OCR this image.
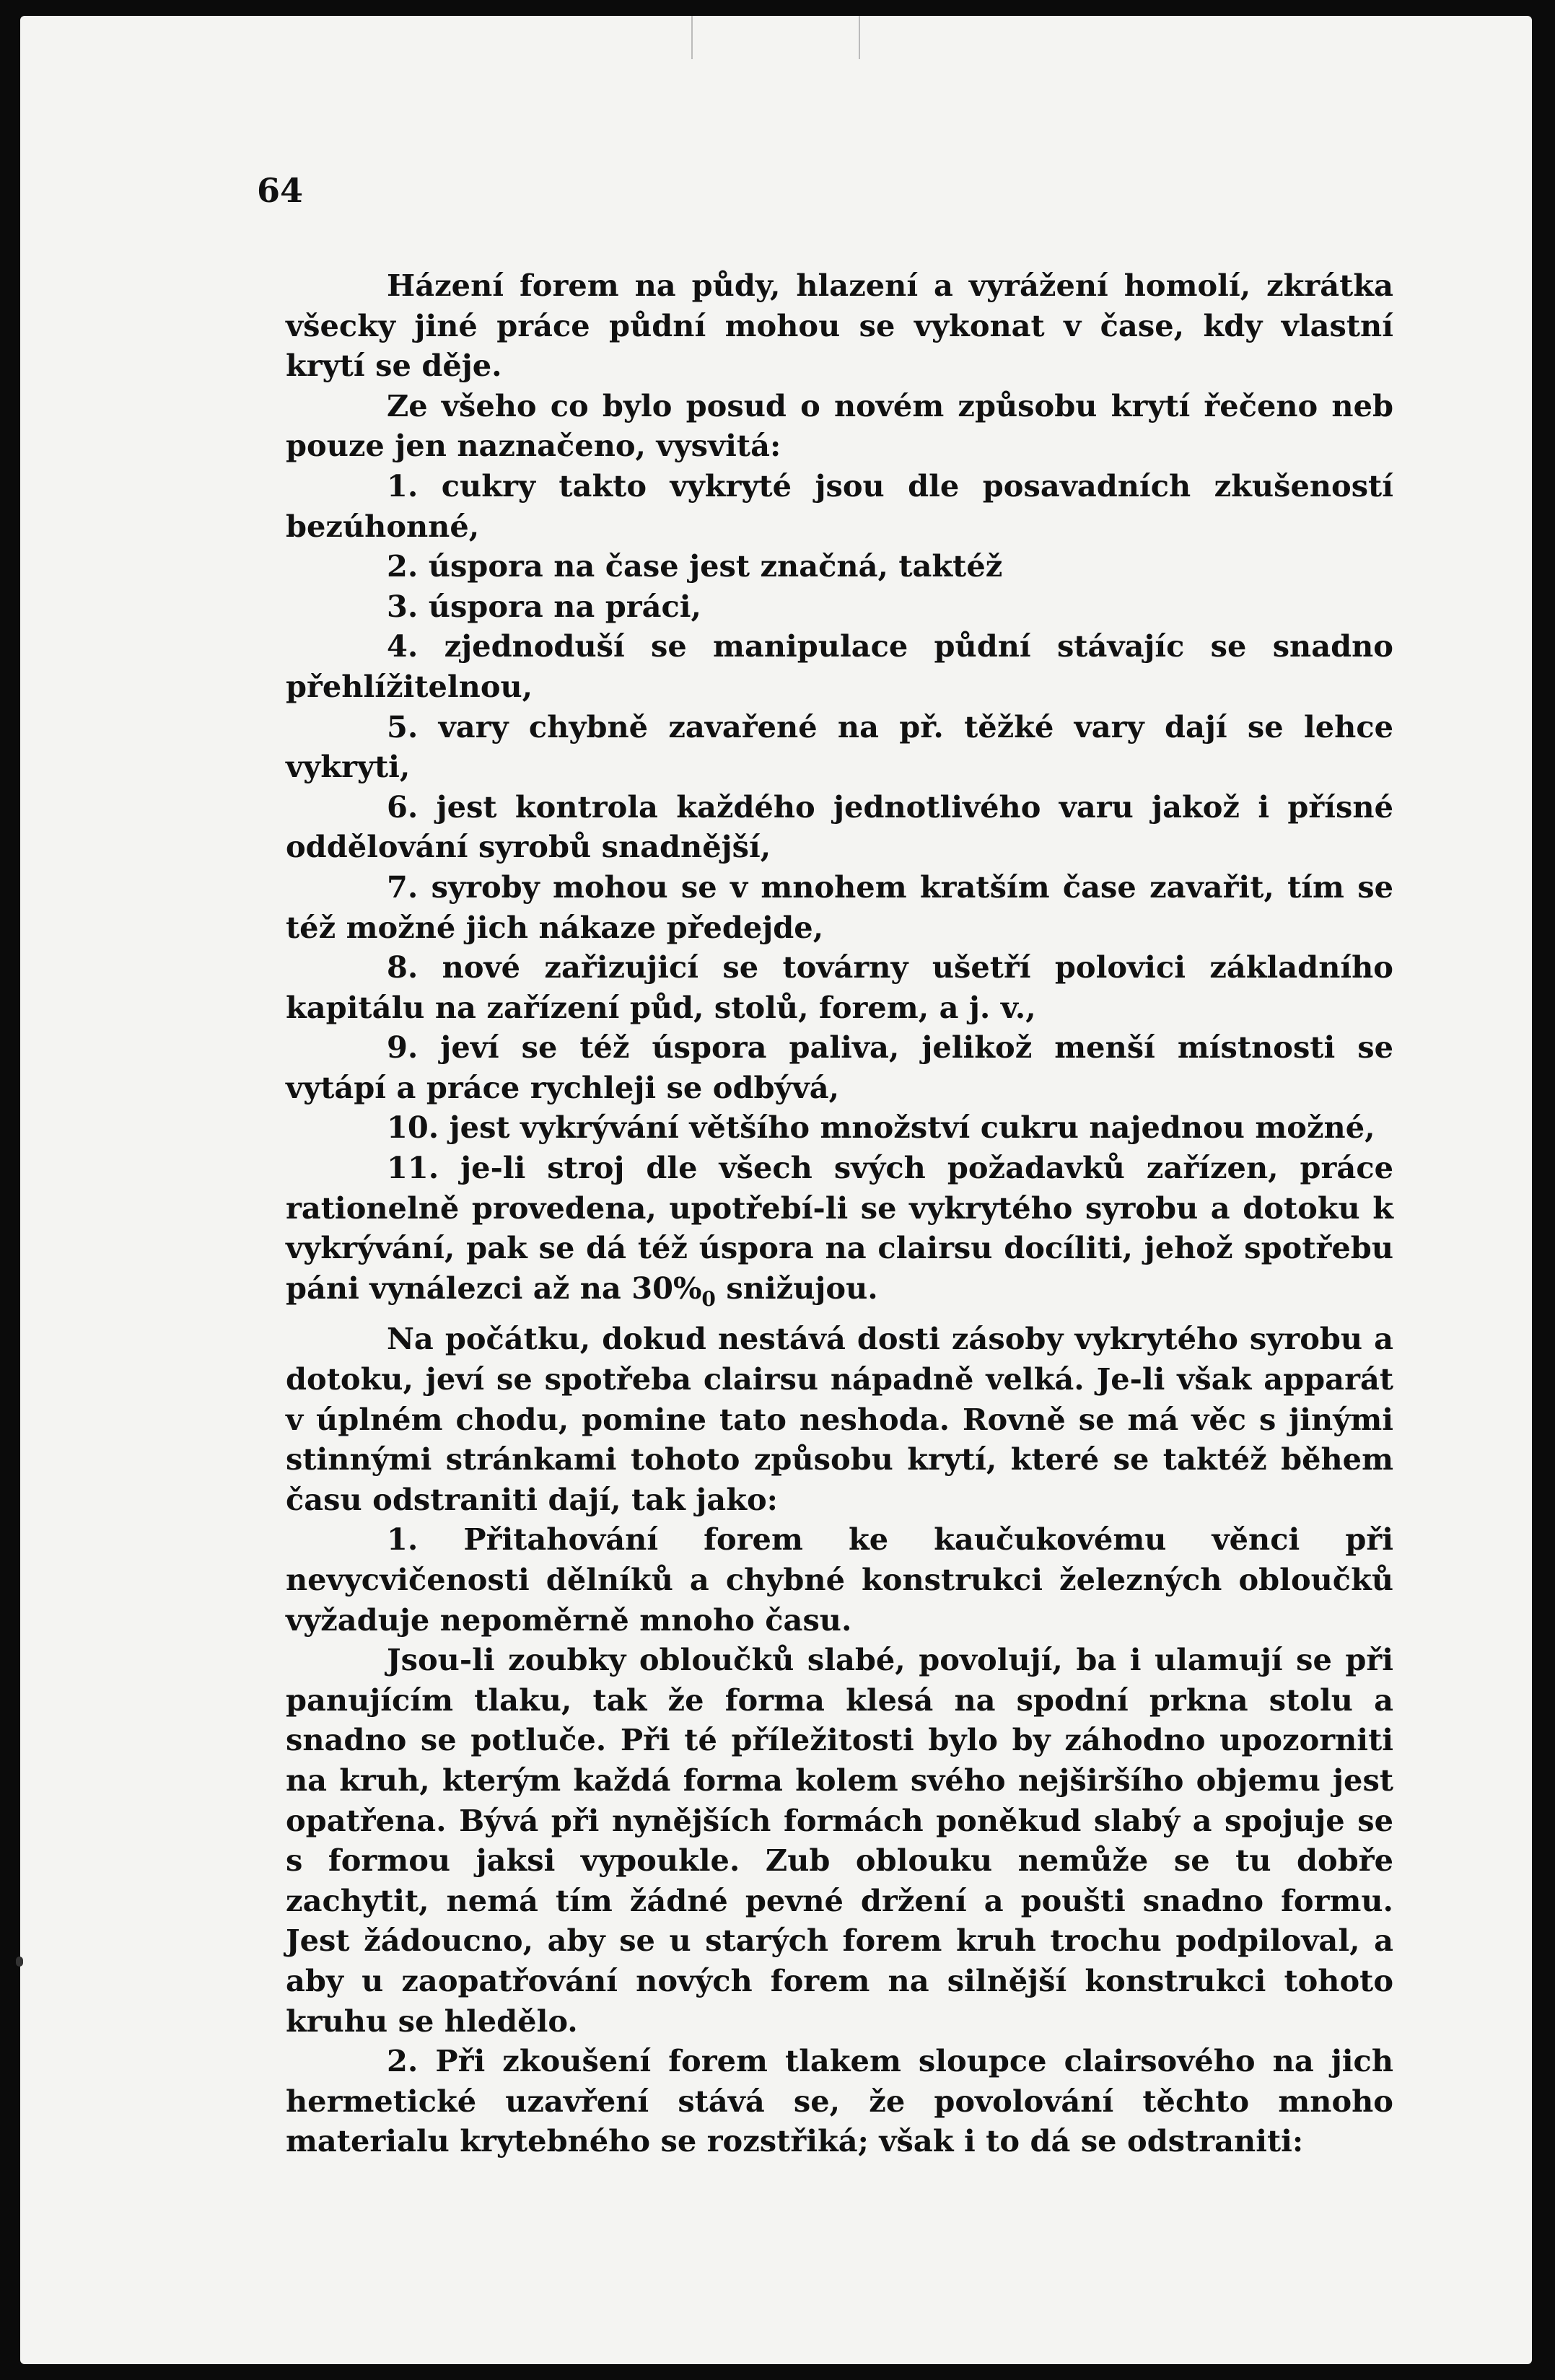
64

Házení forem na půdy, hlazení a vyrážení homolí, zkrátka všecky jiné práce půdní mohou se vykonat v čase, kdy vlastní krytí se děje.

Ze všeho co bylo posud o novém způsobu krytí řečeno neb pouze jen naznačeno, vysvitá:

1. cukry takto vykryté jsou dle posavadních zkušeností bezúhonné,

2. úspora na čase jest značná, taktéž

3. úspora na práci,

4. zjednoduší se manipulace půdní stávajíc se snadno přehlížitelnou,

5. vary chybně zavařené na př. těžké vary dají se lehce vykryti,

6. jest kontrola každého jednotlivého varu jakož i přísné oddělování syrobů snadnější,

7. syroby mohou se v mnohem kratším čase zavařit, tím se též možné jich nákaze předejde,

8. nové zařizujicí se továrny ušetří polovici základního kapitálu na zařízení půd, stolů, forem, a j. v.,

9. jeví se též úspora paliva, jelikož menší místnosti se vytápí a práce rychleji se odbývá,

10. jest vykrývání většího množství cukru najednou možné,

11. je-li stroj dle všech svých požadavků zařízen, práce rationelně provedena, upotřebí-li se vykrytého syrobu a dotoku k vykrývání, pak se dá též úspora na clairsu docíliti, jehož spotřebu páni vynálezci až na $30\%_0$ snižujou.

Na počátku, dokud nestává dosti zásoby vykrytého syrobu a dotoku, jeví se spotřeba clairsu nápadně velká. Je-li však apparát v úplném chodu, pomine tato neshoda. Rovně se má věc s jinými stinnými stránkami tohoto způsobu krytí, které se taktéž během času odstraniti dají, tak jako:

1. Přitahování forem ke kaučukovému věnci při nevycvičenosti dělníků a chybné konstrukci železných obloučků vyžaduje nepoměrně mnoho času.

Jsou-li zoubky obloučků slabé, povolují, ba i ulamují se při panujícím tlaku, tak že forma klesá na spodní prkna stolu a snadno se potluče. Při té příležitosti bylo by záhodno upozorniti na kruh, kterým každá forma kolem svého nejširšího objemu jest opatřena. Bývá při nynějších formách poněkud slabý a spojuje se s formou jaksi vypoukle. Zub oblouku nemůže se tu dobře zachytit, nemá tím žádné pevné držení a poušti snadno formu. Jest žádoucno, aby se u starých forem kruh trochu podpiloval, a aby u zaopatřování nových forem na silnější konstrukci tohoto kruhu se hledělo.

2. Při zkoušení forem tlakem sloupce clairsového na jich hermetické uzavření stává se, že povolování těchto mnoho materialu krytebného se rozstřiká; však i to dá se odstraniti:
